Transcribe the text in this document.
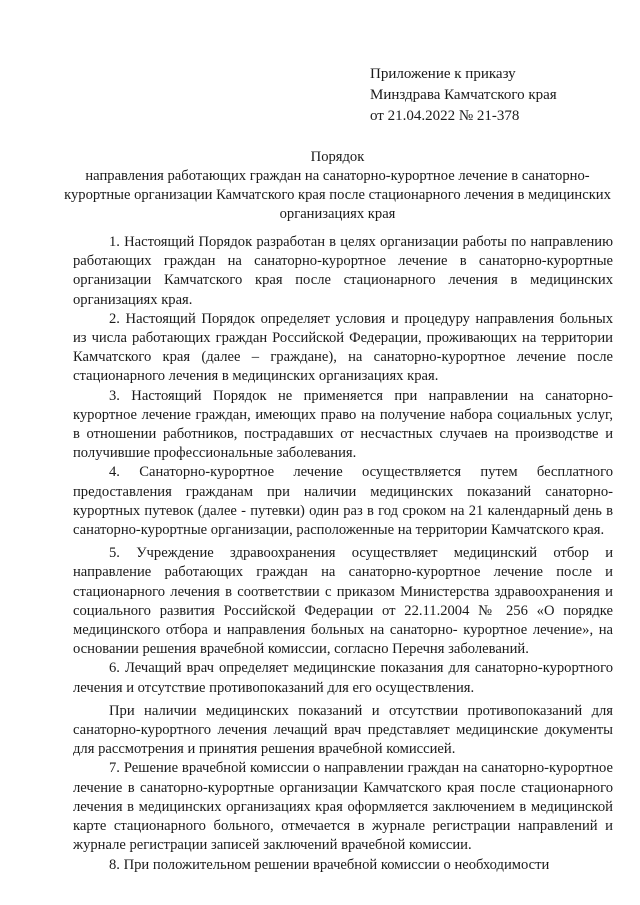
Приложение к приказу
Минздрава Камчатского края
от 21.04.2022 № 21-378
Порядок
направления работающих граждан на санаторно-курортное лечение в санаторно-курортные организации Камчатского края после стационарного лечения в медицинских организациях края

1. Настоящий Порядок разработан в целях организации работы по направлению работающих граждан на санаторно-курортное лечение в санаторно-курортные организации Камчатского края после стационарного лечения в медицинских организациях края.

2. Настоящий Порядок определяет условия и процедуру направления больных из числа работающих граждан Российской Федерации, проживающих на территории Камчатского края (далее – граждане), на санаторно-курортное лечение после стационарного лечения в медицинских организациях края.

3. Настоящий Порядок не применяется при направлении на санаторно-курортное лечение граждан, имеющих право на получение набора социальных услуг, в отношении работников, пострадавших от несчастных случаев на производстве и получившие профессиональные заболевания.

4. Санаторно-курортное лечение осуществляется путем бесплатного предоставления гражданам при наличии медицинских показаний санаторно-курортных путевок (далее - путевки) один раз в год сроком на 21 календарный день в санаторно-курортные организации, расположенные на территории Камчатского края.

5. Учреждение здравоохранения осуществляет медицинский отбор и направление работающих граждан на санаторно-курортное лечение после и стационарного лечения в соответствии с приказом Министерства здравоохранения и социального развития Российской Федерации от 22.11.2004 № 256 «О порядке медицинского отбора и направления больных на санаторно- курортное лечение», на основании решения врачебной комиссии, согласно Перечня заболеваний.

6. Лечащий врач определяет медицинские показания для санаторно-курортного лечения и отсутствие противопоказаний для его осуществления.

При наличии медицинских показаний и отсутствии противопоказаний для санаторно-курортного лечения лечащий врач представляет медицинские документы для рассмотрения и принятия решения врачебной комиссией.

7. Решение врачебной комиссии о направлении граждан на санаторно-курортное лечение в санаторно-курортные организации Камчатского края после стационарного лечения в медицинских организациях края оформляется заключением в медицинской карте стационарного больного, отмечается в журнале регистрации направлений и журнале регистрации записей заключений врачебной комиссии.

8. При положительном решении врачебной комиссии о необходимости
